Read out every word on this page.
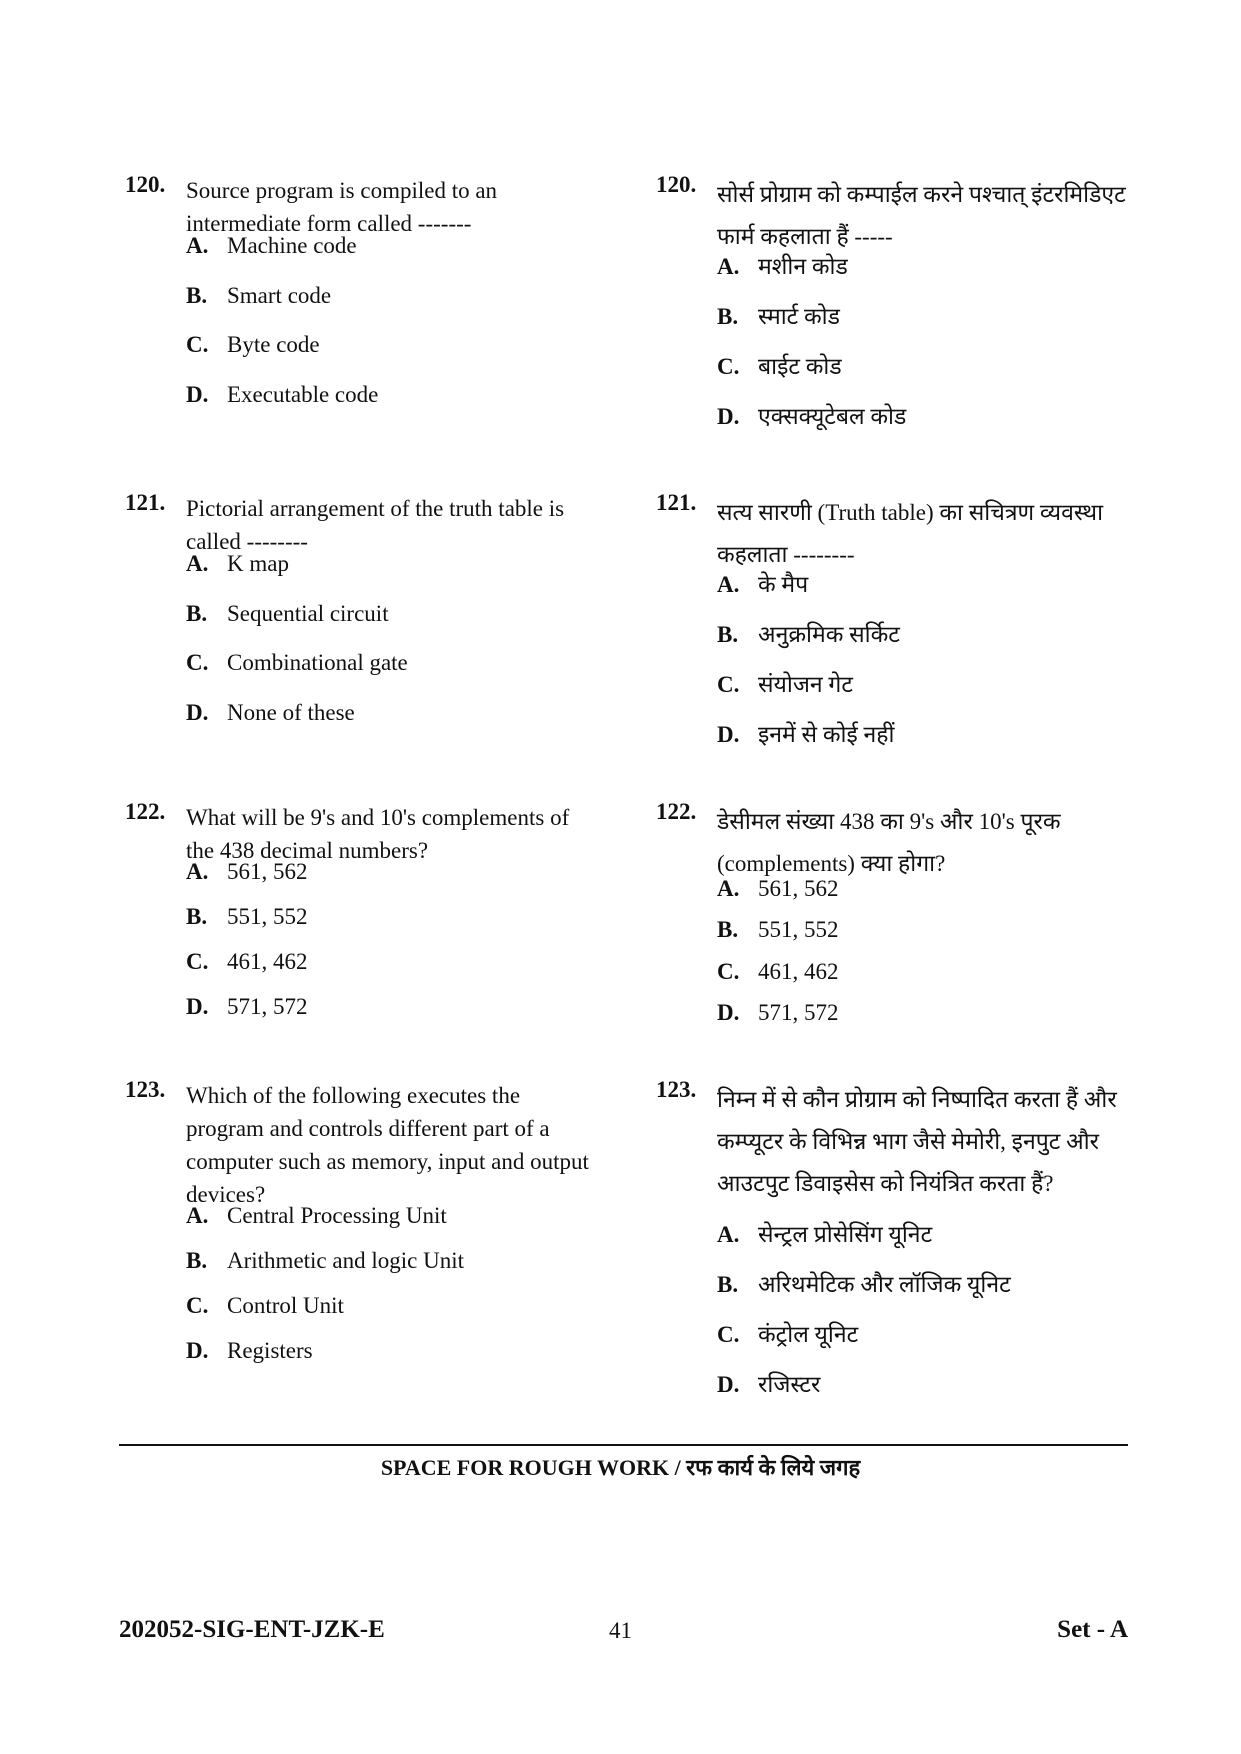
120. Source program is compiled to an intermediate form called -------
A. Machine code
B. Smart code
C. Byte code
D. Executable code
121. Pictorial arrangement of the truth table is called --------
A. K map
B. Sequential circuit
C. Combinational gate
D. None of these
122. What will be 9's and 10's complements of the 438 decimal numbers?
A. 561, 562
B. 551, 552
C. 461, 462
D. 571, 572
123. Which of the following executes the program and controls different part of a computer such as memory, input and output devices?
A. Central Processing Unit
B. Arithmetic and logic Unit
C. Control Unit
D. Registers
120. सोर्स प्रोग्राम को कम्पाईल करने पश्चात् इंटरमिडिएट फार्म कहलाता हैं -----
A. मशीन कोड
B. स्मार्ट कोड
C. बाईट कोड
D. एक्सक्यूटेबल कोड
121. सत्य सारणी (Truth table) का सचित्रण व्यवस्था कहलाता --------
A. के मैप
B. अनुक्रमिक सर्किट
C. संयोजन गेट
D. इनमें से कोई नहीं
122. डेसीमल संख्या 438 का 9's और 10's पूरक (complements) क्या होगा?
A. 561, 562
B. 551, 552
C. 461, 462
D. 571, 572
123. निम्न में से कौन प्रोग्राम को निष्पादित करता हैं और कम्प्यूटर के विभिन्न भाग जैसे मेमोरी, इनपुट और आउटपुट डिवाइसेस को नियंत्रित करता हैं?
A. सेन्ट्रल प्रोसेसिंग यूनिट
B. अरिथमेटिक और लॉजिक यूनिट
C. कंट्रोल यूनिट
D. रजिस्टर
SPACE FOR ROUGH WORK / रफ कार्य के लिये जगह
202052-SIG-ENT-JZK-E	41	Set - A
